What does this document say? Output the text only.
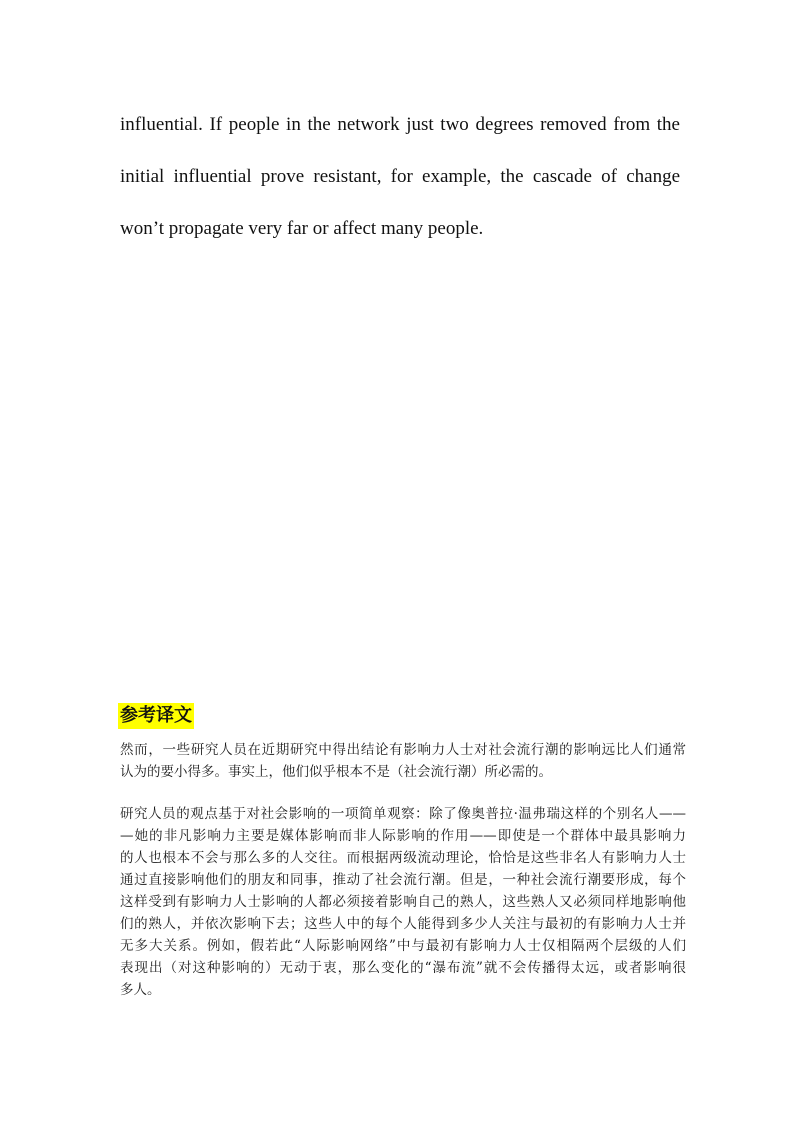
influential. If people in the network just two degrees removed from the
initial influential prove resistant, for example, the cascade of change
won’t propagate very far or affect many people.
参考译文
然而，一些研究人员在近期研究中得出结论有影响力人士对社会流行潮的影响远比人们通常
认为的要小得多。事实上，他们似乎根本不是（社会流行潮）所必需的。
研究人员的观点基于对社会影响的一项简单观察：除了像奥普拉·温弗瑞这样的个别名人——
—她的非凡影响力主要是媒体影响而非人际影响的作用——即使是一个群体中最具影响力
的人也根本不会与那么多的人交往。而根据两级流动理论，恰恰是这些非名人有影响力人士
通过直接影响他们的朋友和同事，推动了社会流行潮。但是，一种社会流行潮要形成，每个
这样受到有影响力人士影响的人都必须接着影响自己的熟人，这些熟人又必须同样地影响他
们的熟人，并依次影响下去；这些人中的每个人能得到多少人关注与最初的有影响力人士并
无多大关系。例如，假若此“人际影响网络”中与最初有影响力人士仅相隔两个层级的人们
表现出（对这种影响的）无动于衷，那么变化的“瀑布流”就不会传播得太远，或者影响很
多人。
